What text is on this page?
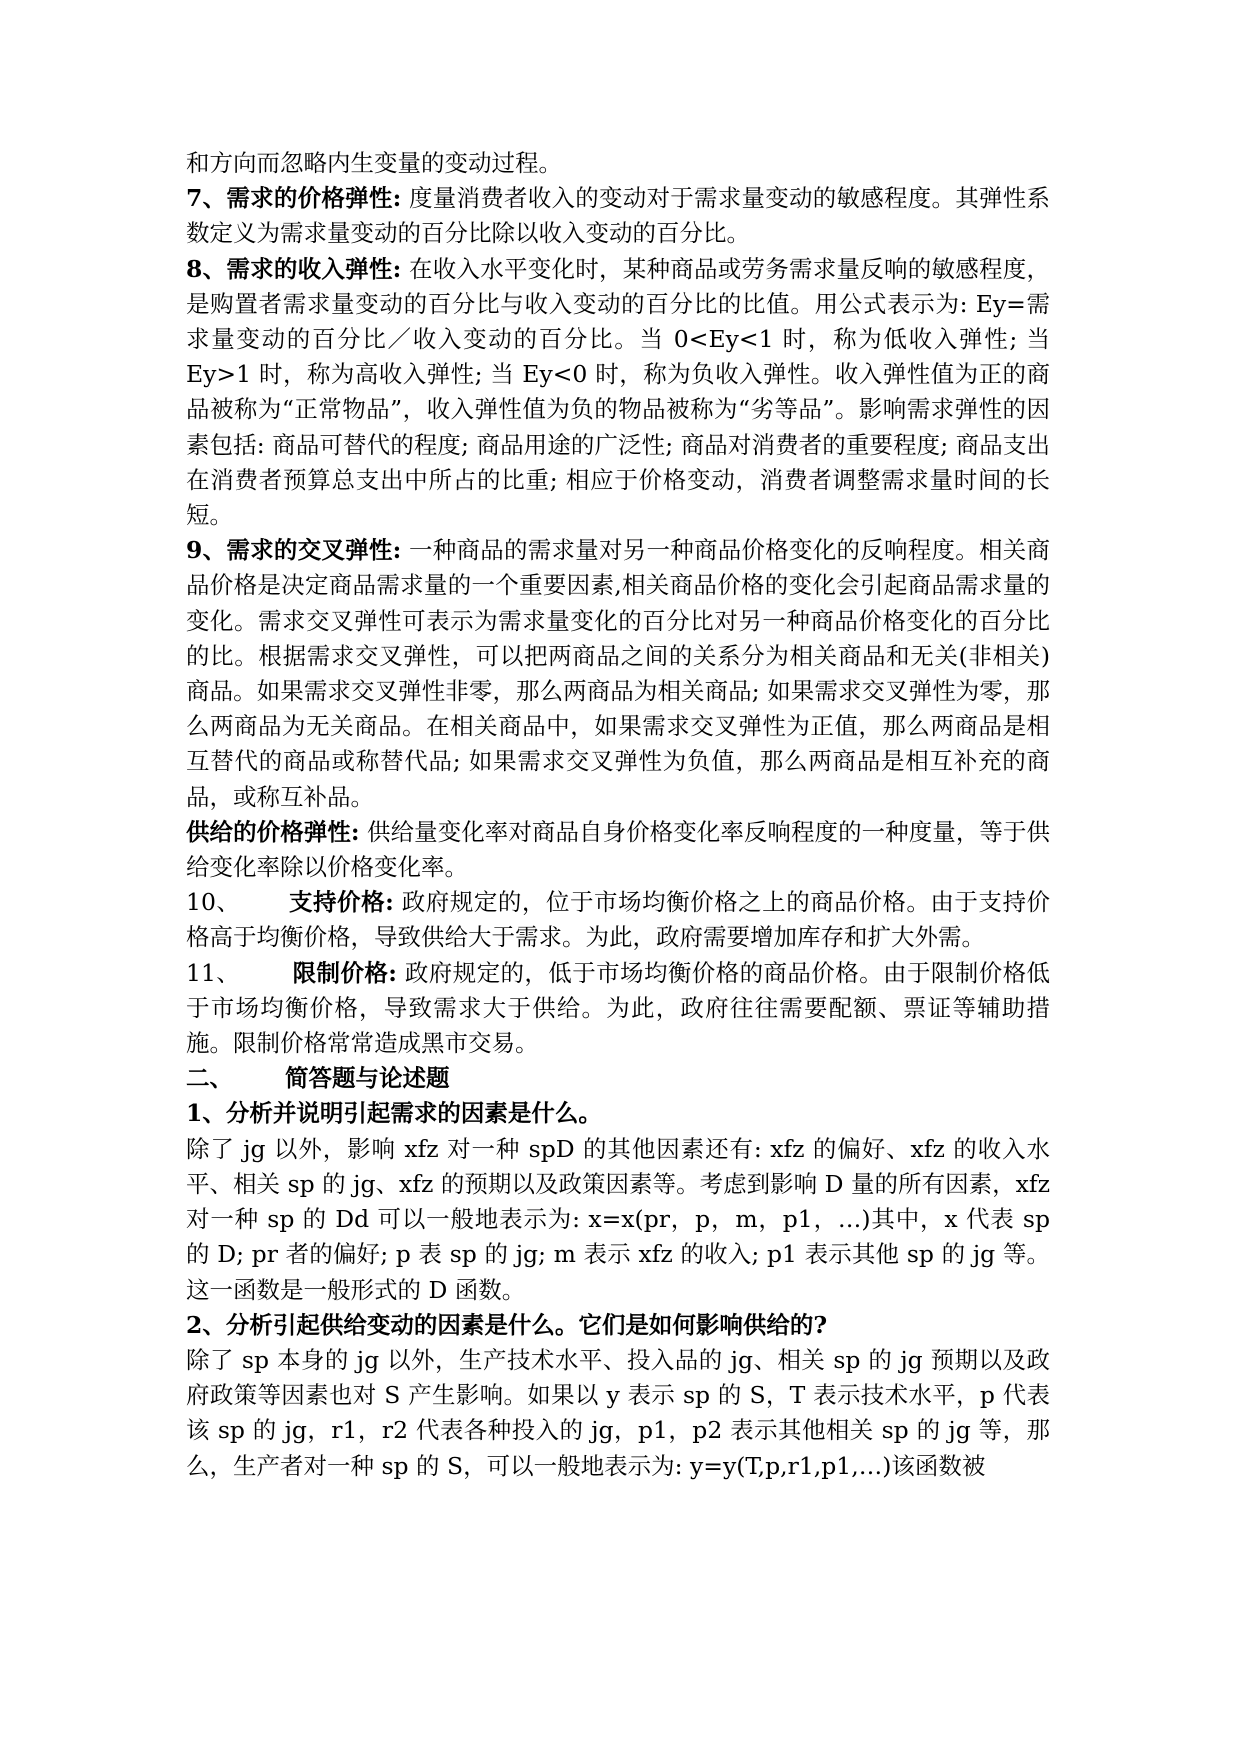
和方向而忽略内生变量的变动过程。

7、需求的价格弹性: 度量消费者收入的变动对于需求量变动的敏感程度。其弹性系数定义为需求量变动的百分比除以收入变动的百分比。

8、需求的收入弹性: 在收入水平变化时，某种商品或劳务需求量反响的敏感程度，是购置者需求量变动的百分比与收入变动的百分比的比值。用公式表示为: Ey=需求量变动的百分比／收入变动的百分比。当 0<Ey<1 时，称为低收入弹性; 当 Ey>1 时，称为高收入弹性; 当 Ey<0 时，称为负收入弹性。收入弹性值为正的商品被称为“正常物品”，收入弹性值为负的物品被称为“劣等品”。影响需求弹性的因素包括: 商品可替代的程度; 商品用途的广泛性; 商品对消费者的重要程度; 商品支出在消费者预算总支出中所占的比重; 相应于价格变动，消费者调整需求量时间的长短。

9、需求的交叉弹性: 一种商品的需求量对另一种商品价格变化的反响程度。相关商品价格是决定商品需求量的一个重要因素,相关商品价格的变化会引起商品需求量的变化。需求交叉弹性可表示为需求量变化的百分比对另一种商品价格变化的百分比的比。根据需求交叉弹性，可以把两商品之间的关系分为相关商品和无关(非相关)商品。如果需求交叉弹性非零，那么两商品为相关商品; 如果需求交叉弹性为零，那么两商品为无关商品。在相关商品中，如果需求交叉弹性为正值，那么两商品是相互替代的商品或称替代品; 如果需求交叉弹性为负值，那么两商品是相互补充的商品，或称互补品。

供给的价格弹性: 供给量变化率对商品自身价格变化率反响程度的一种度量，等于供给变化率除以价格变化率。

10、 支持价格: 政府规定的，位于市场均衡价格之上的商品价格。由于支持价格高于均衡价格，导致供给大于需求。为此，政府需要增加库存和扩大外需。

11、 限制价格: 政府规定的，低于市场均衡价格的商品价格。由于限制价格低于市场均衡价格，导致需求大于供给。为此，政府往往需要配额、票证等辅助措施。限制价格常常造成黑市交易。

二、 简答题与论述题

1、分析并说明引起需求的因素是什么。

除了 jg 以外，影响 xfz 对一种 spD 的其他因素还有: xfz 的偏好、xfz 的收入水平、相关 sp 的 jg、xfz 的预期以及政策因素等。考虑到影响 D 量的所有因素，xfz 对一种 sp 的 Dd 可以一般地表示为: x=x(pr，p，m，p1，…)其中，x 代表 sp 的 D; pr 者的偏好; p 表 sp 的 jg; m 表示 xfz 的收入; p1 表示其他 sp 的 jg 等。这一函数是一般形式的 D 函数。

2、分析引起供给变动的因素是什么。它们是如何影响供给的?

除了 sp 本身的 jg 以外，生产技术水平、投入品的 jg、相关 sp 的 jg 预期以及政府政策等因素也对 S 产生影响。如果以 y 表示 sp 的 S，T 表示技术水平，p 代表该 sp 的 jg，r1，r2 代表各种投入的 jg，p1，p2 表示其他相关 sp 的 jg 等，那么，生产者对一种 sp 的 S，可以一般地表示为: y=y(T,p,r1,p1,…)该函数被
